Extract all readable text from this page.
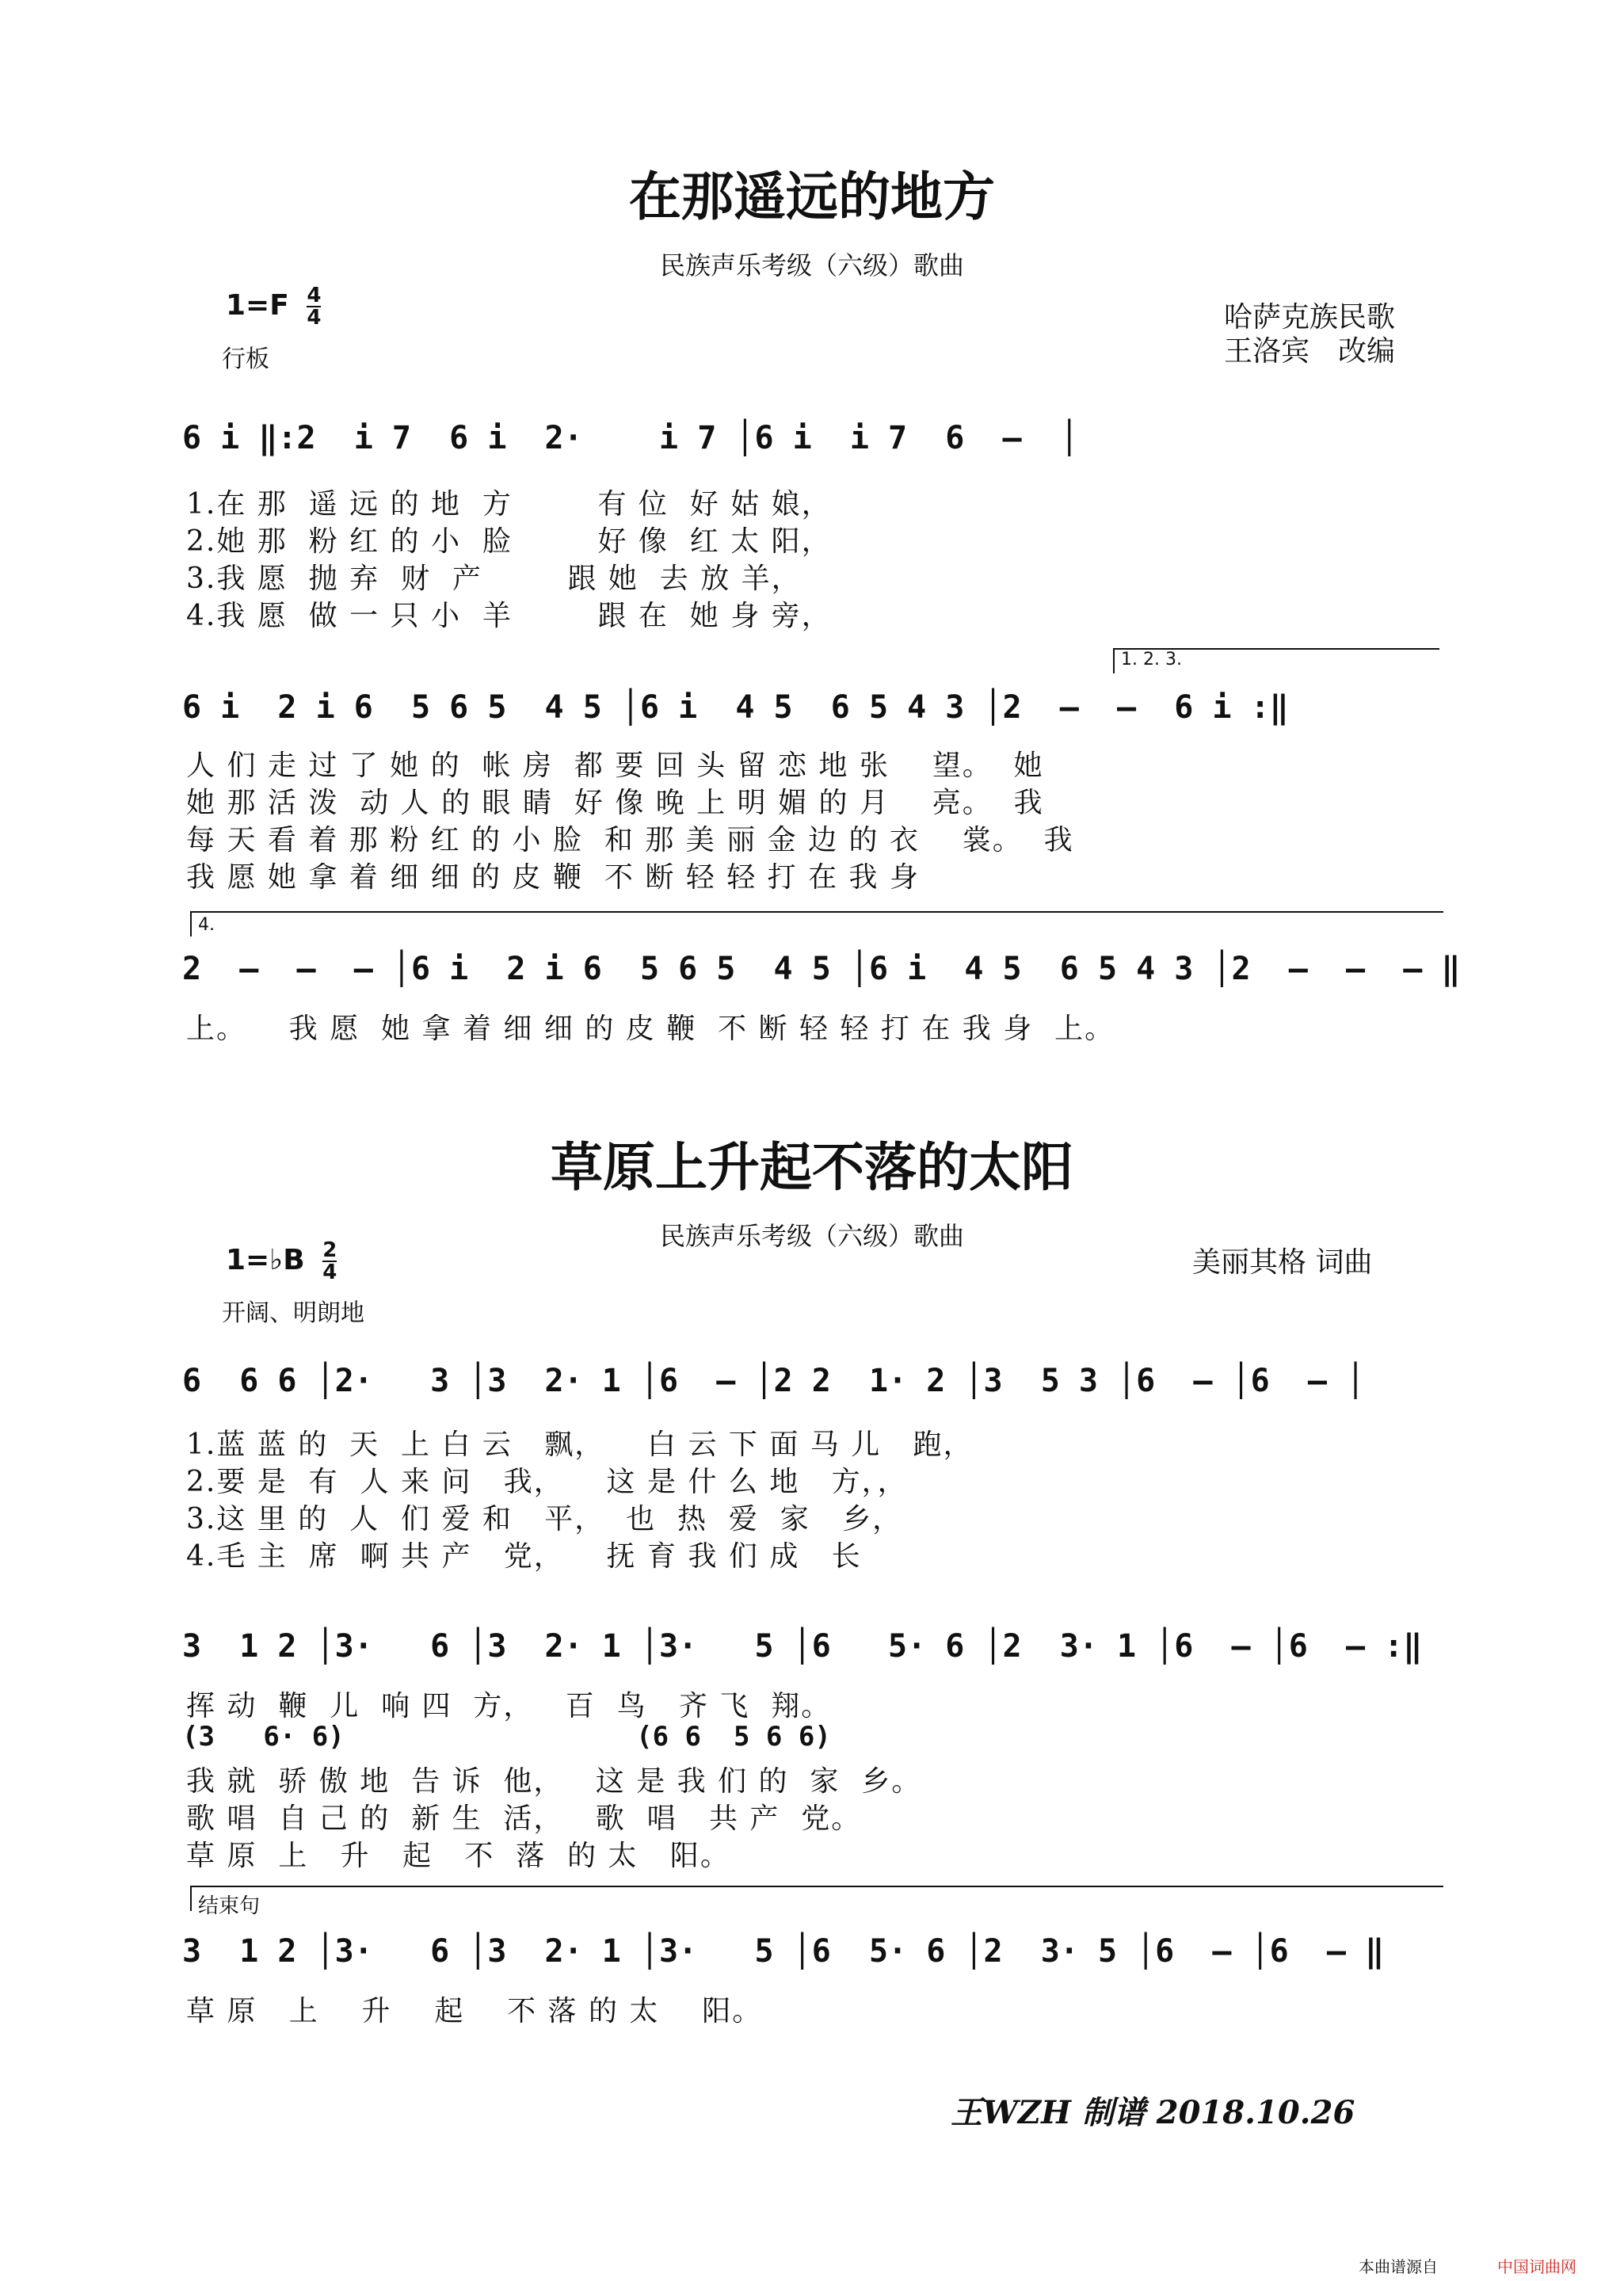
在那遥远的地方
民族声乐考级（六级）歌曲
$1=F \frac{4}{4}$
行板
哈萨克族民歌
王洛宾　改编
6 i ‖:2  i 7  6 i  2·    i 7 │6 i  i 7  6  –  │
1.在 那  遥 远 的 地  方        有 位  好 姑 娘，
2.她 那  粉 红 的 小  脸        好 像  红 太 阳，
3.我 愿  抛 弃  财  产        跟 她  去 放 羊，
4.我 愿  做 一 只 小  羊        跟 在  她 身 旁，
1. 2. 3.
6 i  2 i 6  5 6 5  4 5 │6 i  4 5  6 5 4 3 │2  –  –  6 i :‖
人 们 走 过 了 她 的  帐 房  都 要 回 头 留 恋 地 张    望。  她
她 那 活 泼  动 人 的 眼 睛  好 像 晚 上 明 媚 的 月    亮。  我
每 天 看 着 那 粉 红 的 小 脸  和 那 美 丽 金 边 的 衣    裳。  我
我 愿 她 拿 着 细 细 的 皮 鞭  不 断 轻 轻 打 在 我 身
4.
2  –  –  – │6 i  2 i 6  5 6 5  4 5 │6 i  4 5  6 5 4 3 │2  –  –  – ‖
上。    我 愿  她 拿 着 细 细 的 皮 鞭  不 断 轻 轻 打 在 我 身  上。
草原上升起不落的太阳
民族声乐考级（六级）歌曲
1=♭B $\frac{2}{4}$
开阔、明朗地
美丽其格 词曲
6  6 6 │2·   3 │3  2· 1 │6  – │2 2  1· 2 │3  5 3 │6  – │6  – │
1.蓝 蓝 的  天  上 白 云   飘，    白 云 下 面 马 儿   跑，
2.要 是  有  人 来 问   我，    这 是 什 么 地   方，，
3.这 里 的  人  们 爱 和   平，  也  热  爱  家   乡，
4.毛 主  席  啊 共 产   党，    抚 育 我 们 成   长
3  1 2 │3·   6 │3  2· 1 │3·   5 │6   5· 6 │2  3· 1 │6  – │6  – :‖
挥 动  鞭  儿  响 四  方，   百  鸟   齐 飞  翔。
(3   6· 6)                  (6 6  5 6 6)
我 就  骄 傲 地  告 诉  他，   这 是 我 们 的  家  乡。
歌 唱  自 己 的  新 生  活，   歌  唱   共 产  党。
草 原  上   升   起   不  落  的 太   阳。
结束句
3  1 2 │3·   6 │3  2· 1 │3·   5 │6  5· 6 │2  3· 5 │6  – │6  – ‖
草 原   上    升    起    不 落 的 太    阳。
王WZH 制谱 2018.10.26
本曲谱源自	中国词曲网
